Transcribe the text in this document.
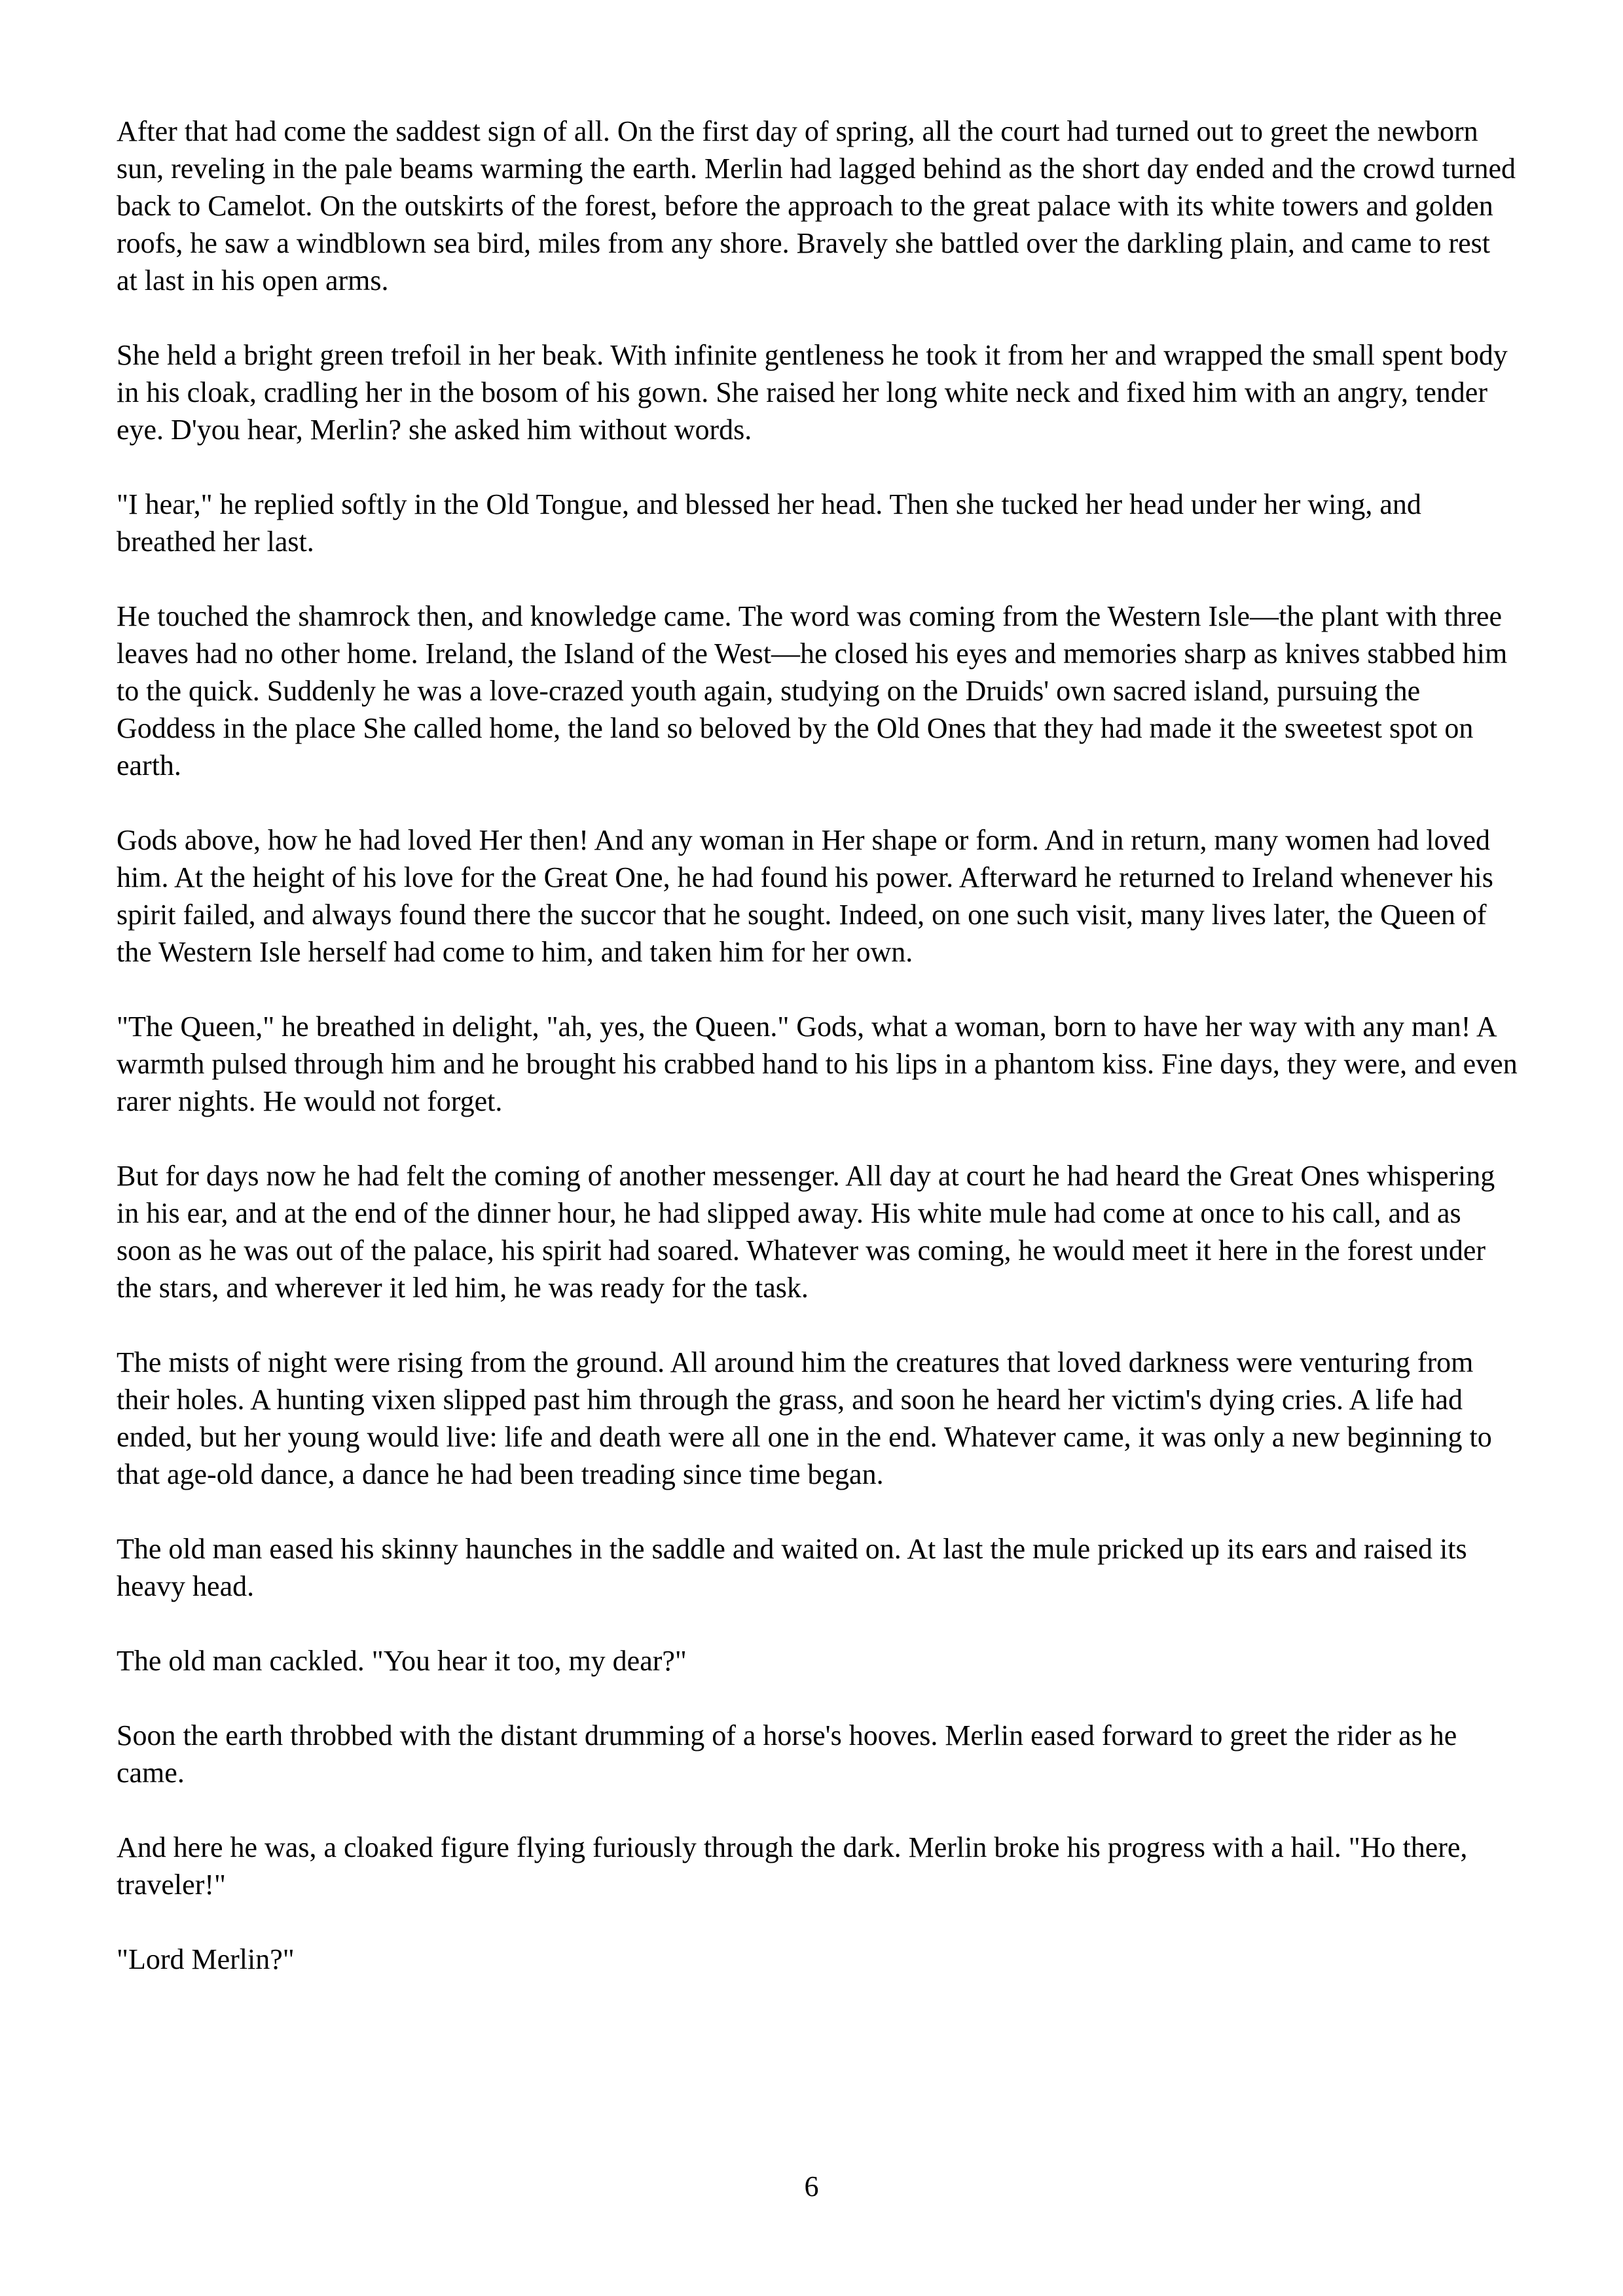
After that had come the saddest sign of all. On the first day of spring, all the court had turned out to greet the newborn sun, reveling in the pale beams warming the earth. Merlin had lagged behind as the short day ended and the crowd turned back to Camelot. On the outskirts of the forest, before the approach to the great palace with its white towers and golden roofs, he saw a windblown sea bird, miles from any shore. Bravely she battled over the darkling plain, and came to rest at last in his open arms.

She held a bright green trefoil in her beak. With infinite gentleness he took it from her and wrapped the small spent body in his cloak, cradling her in the bosom of his gown. She raised her long white neck and fixed him with an angry, tender eye. D'you hear, Merlin? she asked him without words.

"I hear," he replied softly in the Old Tongue, and blessed her head. Then she tucked her head under her wing, and breathed her last.

He touched the shamrock then, and knowledge came. The word was coming from the Western Isle—the plant with three leaves had no other home. Ireland, the Island of the West—he closed his eyes and memories sharp as knives stabbed him to the quick. Suddenly he was a love-crazed youth again, studying on the Druids' own sacred island, pursuing the Goddess in the place She called home, the land so beloved by the Old Ones that they had made it the sweetest spot on earth.

Gods above, how he had loved Her then! And any woman in Her shape or form. And in return, many women had loved him. At the height of his love for the Great One, he had found his power. Afterward he returned to Ireland whenever his spirit failed, and always found there the succor that he sought. Indeed, on one such visit, many lives later, the Queen of the Western Isle herself had come to him, and taken him for her own.

"The Queen," he breathed in delight, "ah, yes, the Queen." Gods, what a woman, born to have her way with any man! A warmth pulsed through him and he brought his crabbed hand to his lips in a phantom kiss. Fine days, they were, and even rarer nights. He would not forget.

But for days now he had felt the coming of another messenger. All day at court he had heard the Great Ones whispering in his ear, and at the end of the dinner hour, he had slipped away. His white mule had come at once to his call, and as soon as he was out of the palace, his spirit had soared. Whatever was coming, he would meet it here in the forest under the stars, and wherever it led him, he was ready for the task.

The mists of night were rising from the ground. All around him the creatures that loved darkness were venturing from their holes. A hunting vixen slipped past him through the grass, and soon he heard her victim's dying cries. A life had ended, but her young would live: life and death were all one in the end. Whatever came, it was only a new beginning to that age-old dance, a dance he had been treading since time began.

The old man eased his skinny haunches in the saddle and waited on. At last the mule pricked up its ears and raised its heavy head.

The old man cackled. "You hear it too, my dear?"

Soon the earth throbbed with the distant drumming of a horse's hooves. Merlin eased forward to greet the rider as he came.

And here he was, a cloaked figure flying furiously through the dark. Merlin broke his progress with a hail. "Ho there, traveler!"

"Lord Merlin?"

6
